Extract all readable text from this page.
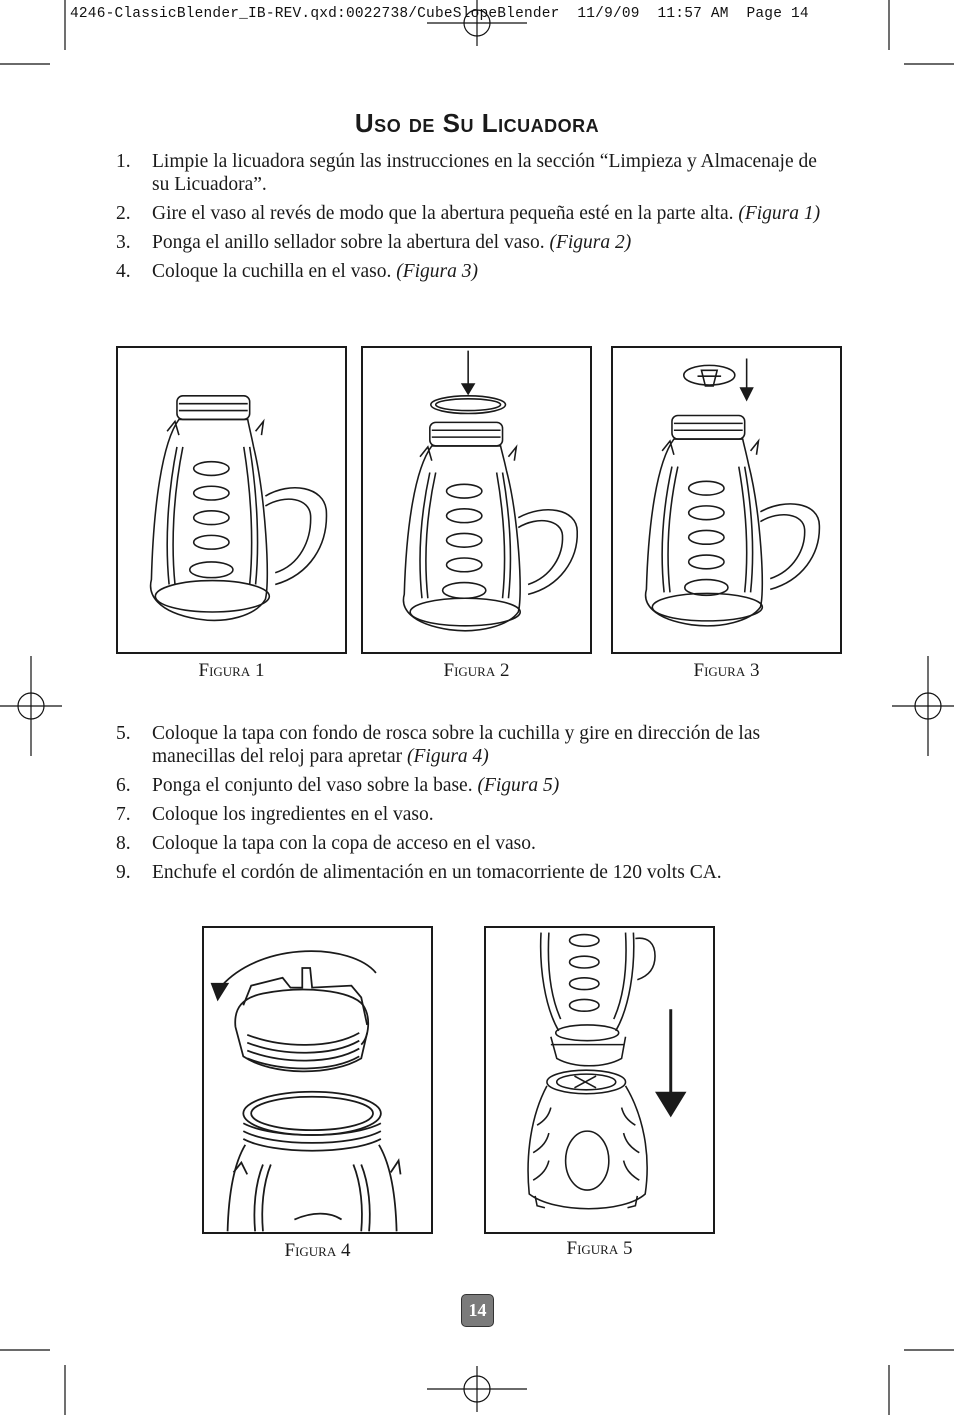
4246-ClassicBlender_IB-REV.qxd:0022738/CubeSlopeBlender  11/9/09  11:57 AM  Page 14

Uso de Su Licuadora
1. Limpie la licuadora según las instrucciones en la sección “Limpieza y Almacenaje de su Licuadora”.
2. Gire el vaso al revés de modo que la abertura pequeña esté en la parte alta. (Figura 1)
3. Ponga el anillo sellador sobre la abertura del vaso. (Figura 2)
4. Coloque la cuchilla en el vaso. (Figura 3)
Figura 1	Figura 2	Figura 3
5. Coloque la tapa con fondo de rosca sobre la cuchilla y gire en dirección de las manecillas del reloj para apretar (Figura 4)
6. Ponga el conjunto del vaso sobre la base. (Figura 5)
7. Coloque los ingredientes en el vaso.
8. Coloque la tapa con la copa de acceso en el vaso.
9. Enchufe el cordón de alimentación en un tomacorriente de 120 volts CA.
Figura 4	Figura 5
14
